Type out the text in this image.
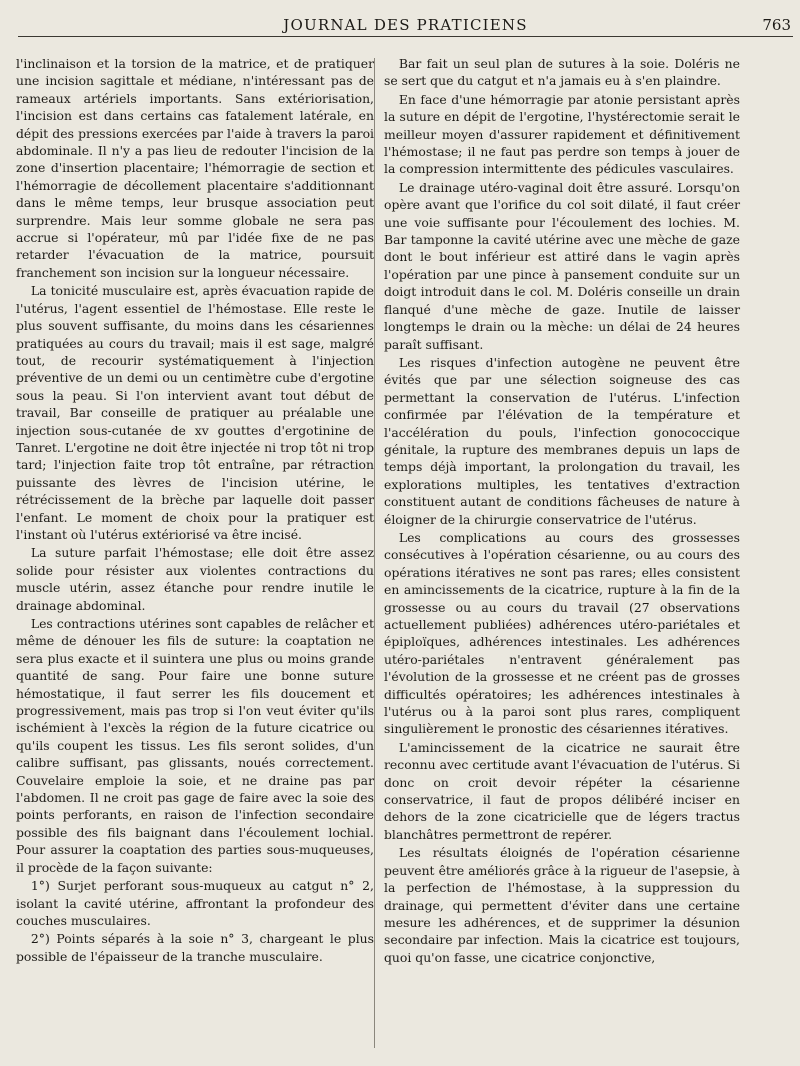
JOURNAL DES PRATICIENS	763

l'inclinaison et la torsion de la matrice, et de pratiquer une incision sagittale et médiane, n'intéressant pas de rameaux artériels importants. Sans extériorisation, l'incision est dans certains cas fatalement latérale, en dépit des pressions exercées par l'aide à travers la paroi abdominale. Il n'y a pas lieu de redouter l'incision de la zone d'insertion placentaire; l'hémorragie de section et l'hémorragie de décollement placentaire s'additionnant dans le même temps, leur brusque association peut surprendre. Mais leur somme globale ne sera pas accrue si l'opérateur, mû par l'idée fixe de ne pas retarder l'évacuation de la matrice, poursuit franchement son incision sur la longueur nécessaire.

La tonicité musculaire est, après évacuation rapide de l'utérus, l'agent essentiel de l'hémostase. Elle reste le plus souvent suffisante, du moins dans les césariennes pratiquées au cours du travail; mais il est sage, malgré tout, de recourir systématiquement à l'injection préventive de un demi ou un centimètre cube d'ergotine sous la peau. Si l'on intervient avant tout début de travail, Bar conseille de pratiquer au préalable une injection sous-cutanée de xv gouttes d'ergotinine de Tanret. L'ergotine ne doit être injectée ni trop tôt ni trop tard; l'injection faite trop tôt entraîne, par rétraction puissante des lèvres de l'incision utérine, le rétrécissement de la brèche par laquelle doit passer l'enfant. Le moment de choix pour la pratiquer est l'instant où l'utérus extériorisé va être incisé.

La suture parfait l'hémostase; elle doit être assez solide pour résister aux violentes contractions du muscle utérin, assez étanche pour rendre inutile le drainage abdominal.

Les contractions utérines sont capables de relâcher et même de dénouer les fils de suture: la coaptation ne sera plus exacte et il suintera une plus ou moins grande quantité de sang. Pour faire une bonne suture hémostatique, il faut serrer les fils doucement et progressivement, mais pas trop si l'on veut éviter qu'ils ischémient à l'excès la région de la future cicatrice ou qu'ils coupent les tissus. Les fils seront solides, d'un calibre suffisant, pas glissants, noués correctement. Couvelaire emploie la soie, et ne draine pas par l'abdomen. Il ne croit pas gage de faire avec la soie des points perforants, en raison de l'infection secondaire possible des fils baignant dans l'écoulement lochial. Pour assurer la coaptation des parties sous-muqueuses, il procède de la façon suivante:

1°) Surjet perforant sous-muqueux au catgut n° 2, isolant la cavité utérine, affrontant la profondeur des couches musculaires.

2°) Points séparés à la soie n° 3, chargeant le plus possible de l'épaisseur de la tranche musculaire.

Bar fait un seul plan de sutures à la soie. Doléris ne se sert que du catgut et n'a jamais eu à s'en plaindre.

En face d'une hémorragie par atonie persistant après la suture en dépit de l'ergotine, l'hystérectomie serait le meilleur moyen d'assurer rapidement et définitivement l'hémostase; il ne faut pas perdre son temps à jouer de la compression intermittente des pédicules vasculaires.

Le drainage utéro-vaginal doit être assuré. Lorsqu'on opère avant que l'orifice du col soit dilaté, il faut créer une voie suffisante pour l'écoulement des lochies. M. Bar tamponne la cavité utérine avec une mèche de gaze dont le bout inférieur est attiré dans le vagin après l'opération par une pince à pansement conduite sur un doigt introduit dans le col. M. Doléris conseille un drain flanqué d'une mèche de gaze. Inutile de laisser longtemps le drain ou la mèche: un délai de 24 heures paraît suffisant.

Les risques d'infection autogène ne peuvent être évités que par une sélection soigneuse des cas permettant la conservation de l'utérus. L'infection confirmée par l'élévation de la température et l'accélération du pouls, l'infection gonococcique génitale, la rupture des membranes depuis un laps de temps déjà important, la prolongation du travail, les explorations multiples, les tentatives d'extraction constituent autant de conditions fâcheuses de nature à éloigner de la chirurgie conservatrice de l'utérus.

Les complications au cours des grossesses consécutives à l'opération césarienne, ou au cours des opérations itératives ne sont pas rares; elles consistent en amincissements de la cicatrice, rupture à la fin de la grossesse ou au cours du travail (27 observations actuellement publiées) adhérences utéro-pariétales et épiploïques, adhérences intestinales. Les adhérences utéro-pariétales n'entravent généralement pas l'évolution de la grossesse et ne créent pas de grosses difficultés opératoires; les adhérences intestinales à l'utérus ou à la paroi sont plus rares, compliquent singulièrement le pronostic des césariennes itératives.

L'amincissement de la cicatrice ne saurait être reconnu avec certitude avant l'évacuation de l'utérus. Si donc on croit devoir répéter la césarienne conservatrice, il faut de propos délibéré inciser en dehors de la zone cicatricielle que de légers tractus blanchâtres permettront de repérer.

Les résultats éloignés de l'opération césarienne peuvent être améliorés grâce à la rigueur de l'asepsie, à la perfection de l'hémostase, à la suppression du drainage, qui permettent d'éviter dans une certaine mesure les adhérences, et de supprimer la désunion secondaire par infection. Mais la cicatrice est toujours, quoi qu'on fasse, une cicatrice conjonctive,
